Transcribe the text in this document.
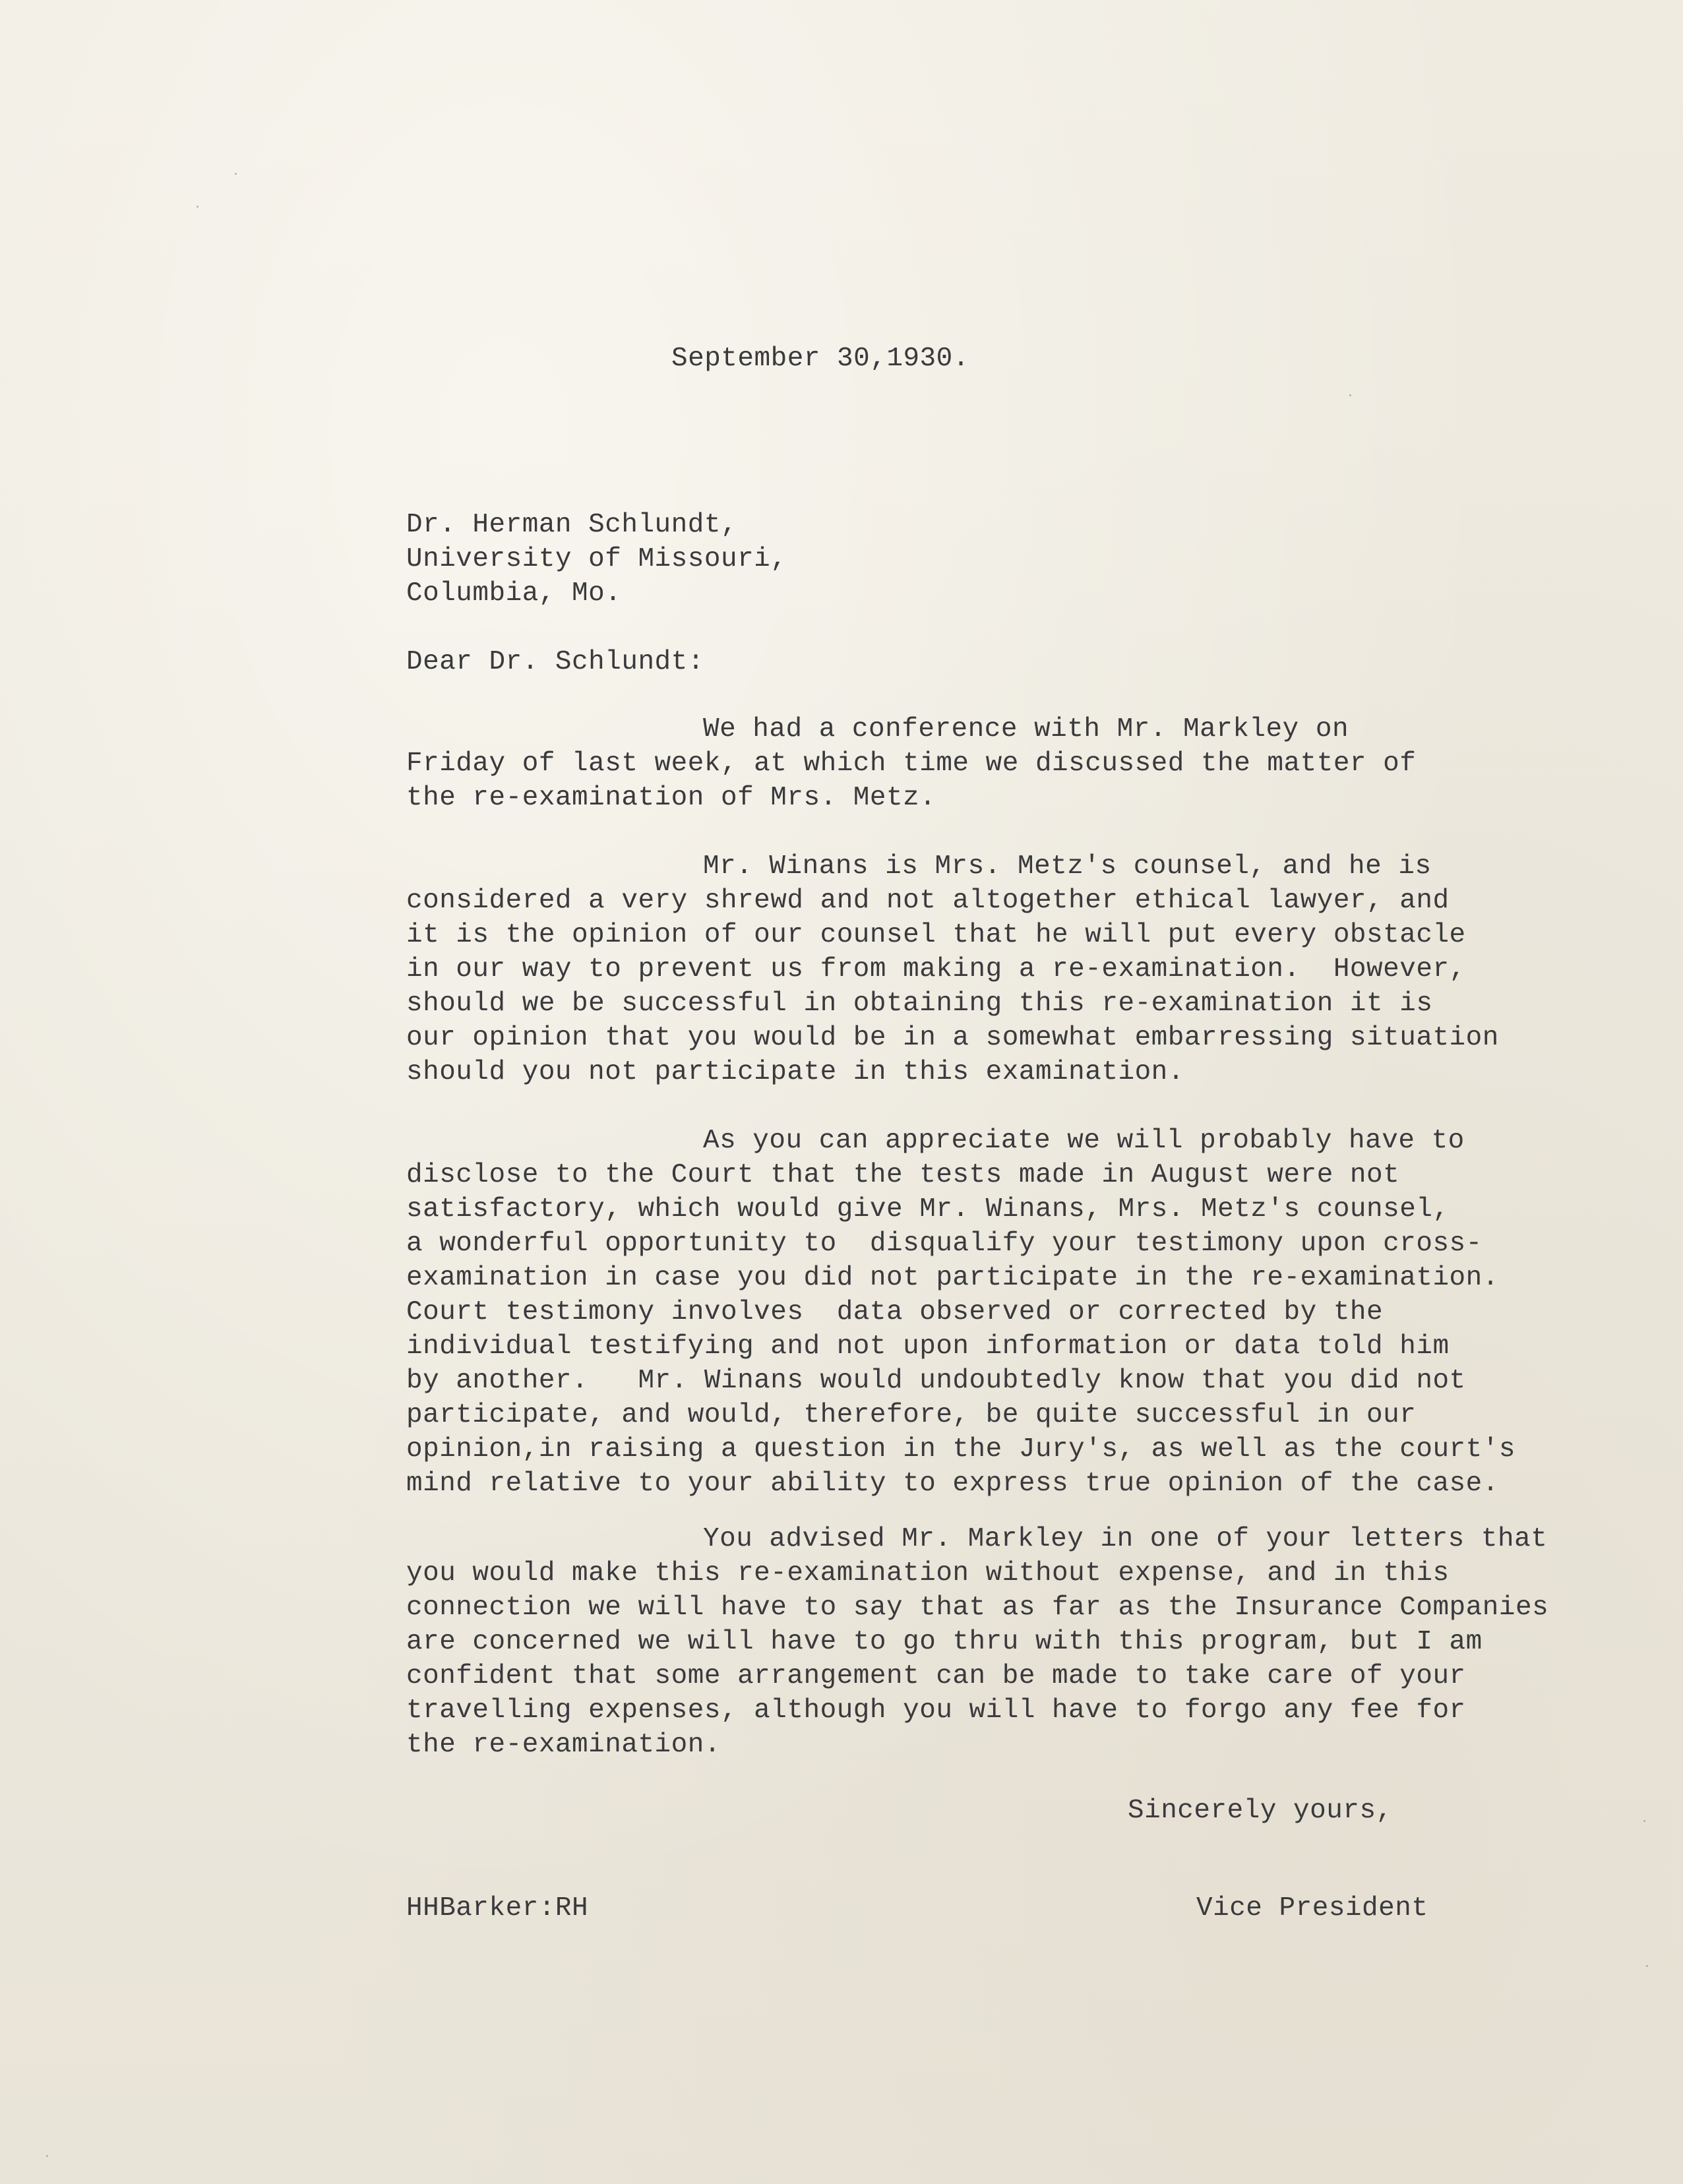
September 30,1930.
Dr. Herman Schlundt,
University of Missouri,
Columbia, Mo.
Dear Dr. Schlundt:
We had a conference with Mr. Markley on
Friday of last week, at which time we discussed the matter of
the re-examination of Mrs. Metz.
Mr. Winans is Mrs. Metz's counsel, and he is
considered a very shrewd and not altogether ethical lawyer, and
it is the opinion of our counsel that he will put every obstacle
in our way to prevent us from making a re-examination.  However,
should we be successful in obtaining this re-examination it is
our opinion that you would be in a somewhat embarressing situation
should you not participate in this examination.
As you can appreciate we will probably have to
disclose to the Court that the tests made in August were not
satisfactory, which would give Mr. Winans, Mrs. Metz's counsel,
a wonderful opportunity to  disqualify your testimony upon cross-
examination in case you did not participate in the re-examination.
Court testimony involves  data observed or corrected by the
individual testifying and not upon information or data told him
by another.   Mr. Winans would undoubtedly know that you did not
participate, and would, therefore, be quite successful in our
opinion,in raising a question in the Jury's, as well as the court's
mind relative to your ability to express true opinion of the case.
You advised Mr. Markley in one of your letters that
you would make this re-examination without expense, and in this
connection we will have to say that as far as the Insurance Companies
are concerned we will have to go thru with this program, but I am
confident that some arrangement can be made to take care of your
travelling expenses, although you will have to forgo any fee for
the re-examination.
Sincerely yours,
HHBarker:RH	Vice President
